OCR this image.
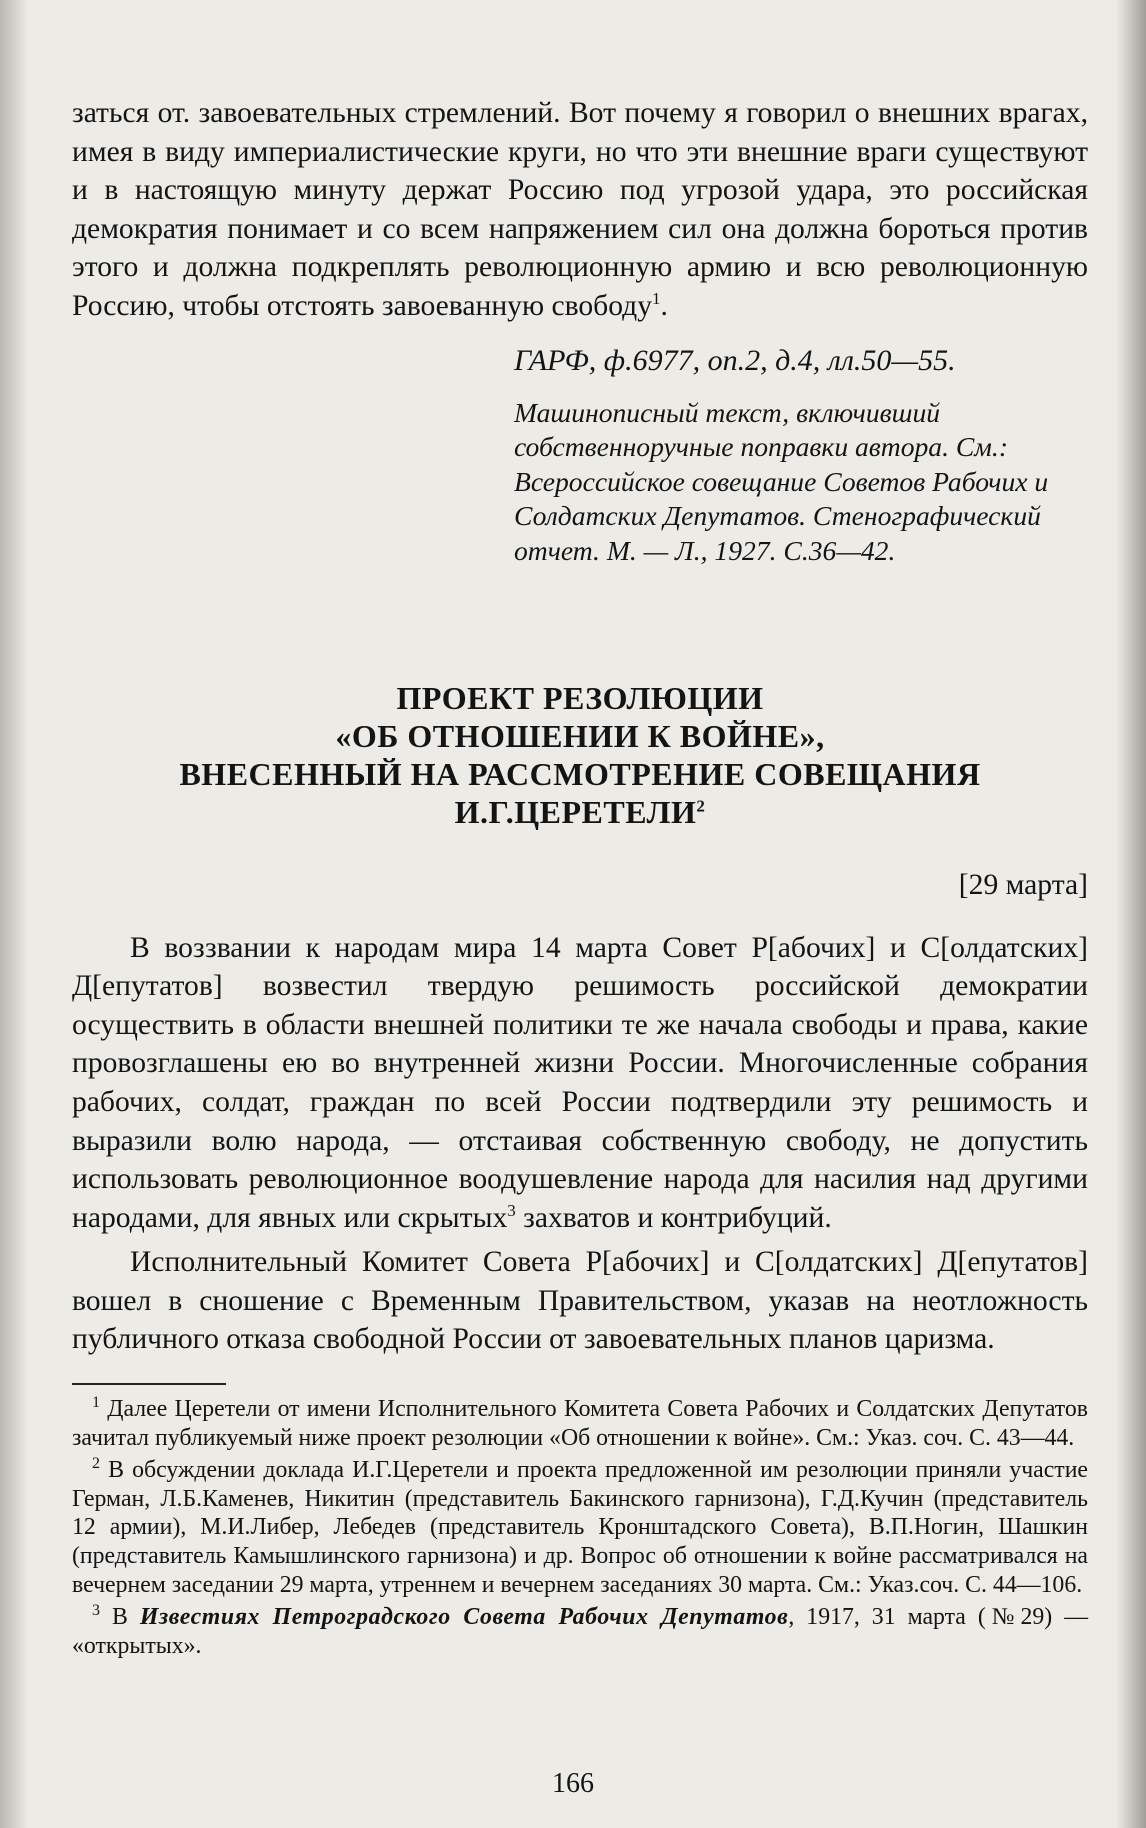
заться от. завоевательных стремлений. Вот почему я говорил о внешних врагах, имея в виду империалистические круги, но что эти внешние враги существуют и в настоящую минуту держат Россию под угрозой удара, это российская демократия понимает и со всем напряжением сил она должна бороться против этого и должна подкреплять революционную армию и всю революционную Россию, чтобы отстоять завоеванную свободу$^1$.

ГАРФ, ф.6977, оп.2, д.4, лл.50—55.

Машинописный текст, включивший собственноручные поправки автора. См.: Всероссийское совещание Советов Рабочих и Солдатских Депутатов. Стенографический отчет. М. — Л., 1927. С.36—42.

ПРОЕКТ РЕЗОЛЮЦИИ
«ОБ ОТНОШЕНИИ К ВОЙНЕ»,
ВНЕСЕННЫЙ НА РАССМОТРЕНИЕ СОВЕЩАНИЯ
И.Г.ЦЕРЕТЕЛИ$^2$
[29 марта]

В воззвании к народам мира 14 марта Совет Р[абочих] и С[олдатских] Д[епутатов] возвестил твердую решимость российской демократии осуществить в области внешней политики те же начала свободы и права, какие провозглашены ею во внутренней жизни России. Многочисленные собрания рабочих, солдат, граждан по всей России подтвердили эту решимость и выразили волю народа, — отстаивая собственную свободу, не допустить использовать революционное воодушевление народа для насилия над другими народами, для явных или скрытых$^3$ захватов и контрибуций.

Исполнительный Комитет Совета Р[абочих] и С[олдатских] Д[епутатов] вошел в сношение с Временным Правительством, указав на неотложность публичного отказа свободной России от завоевательных планов царизма.

$^1$ Далее Церетели от имени Исполнительного Комитета Совета Рабочих и Солдатских Депутатов зачитал публикуемый ниже проект резолюции «Об отношении к войне». См.: Указ. соч. С. 43—44.

$^2$ В обсуждении доклада И.Г.Церетели и проекта предложенной им резолюции приняли участие Герман, Л.Б.Каменев, Никитин (представитель Бакинского гарнизона), Г.Д.Кучин (представитель 12 армии), М.И.Либер, Лебедев (представитель Кронштадского Совета), В.П.Ногин, Шашкин (представитель Камышлинского гарнизона) и др. Вопрос об отношении к войне рассматривался на вечернем заседании 29 марта, утреннем и вечернем заседаниях 30 марта. См.: Указ.соч. С. 44—106.

$^3$ В Известиях Петроградского Совета Рабочих Депутатов, 1917, 31 марта (№29) — «открытых».

166
